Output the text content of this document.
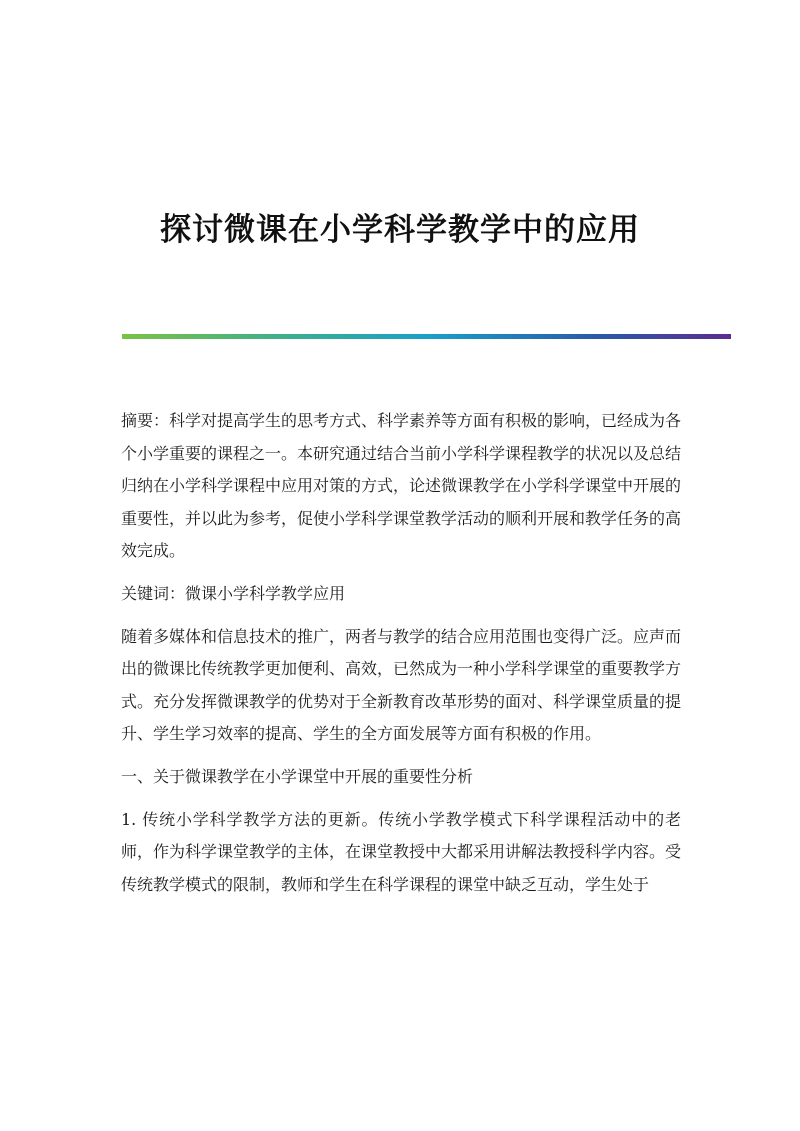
探讨微课在小学科学教学中的应用

摘要：科学对提高学生的思考方式、科学素养等方面有积极的影响，已经成为各个小学重要的课程之一。本研究通过结合当前小学科学课程教学的状况以及总结归纳在小学科学课程中应用对策的方式，论述微课教学在小学科学课堂中开展的重要性，并以此为参考，促使小学科学课堂教学活动的顺利开展和教学任务的高效完成。

关键词：微课小学科学教学应用

随着多媒体和信息技术的推广，两者与教学的结合应用范围也变得广泛。应声而出的微课比传统教学更加便利、高效，已然成为一种小学科学课堂的重要教学方式。充分发挥微课教学的优势对于全新教育改革形势的面对、科学课堂质量的提升、学生学习效率的提高、学生的全方面发展等方面有积极的作用。

一、关于微课教学在小学课堂中开展的重要性分析

1. 传统小学科学教学方法的更新。传统小学教学模式下科学课程活动中的老师，作为科学课堂教学的主体，在课堂教授中大都采用讲解法教授科学内容。受传统教学模式的限制，教师和学生在科学课程的课堂中缺乏互动，学生处于
